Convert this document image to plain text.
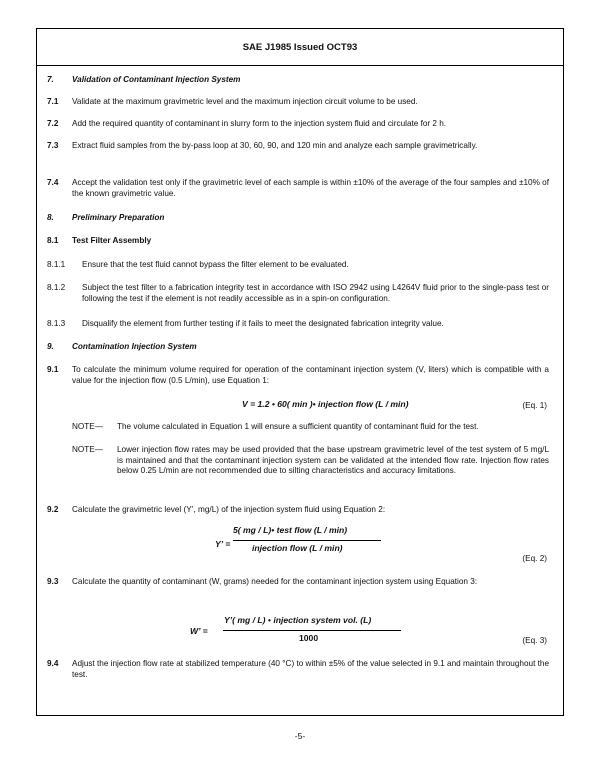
SAE J1985 Issued OCT93
7. Validation of Contaminant Injection System
7.1 Validate at the maximum gravimetric level and the maximum injection circuit volume to be used.
7.2 Add the required quantity of contaminant in slurry form to the injection system fluid and circulate for 2 h.
7.3 Extract fluid samples from the by-pass loop at 30, 60, 90, and 120 min and analyze each sample gravimetrically.
7.4 Accept the validation test only if the gravimetric level of each sample is within ±10% of the average of the four samples and ±10% of the known gravimetric value.
8. Preliminary Preparation
8.1 Test Filter Assembly
8.1.1 Ensure that the test fluid cannot bypass the filter element to be evaluated.
8.1.2 Subject the test filter to a fabrication integrity test in accordance with ISO 2942 using L4264V fluid prior to the single-pass test or following the test if the element is not readily accessible as in a spin-on configuration.
8.1.3 Disqualify the element from further testing if it fails to meet the designated fabrication integrity value.
9. Contamination Injection System
9.1 To calculate the minimum volume required for operation of the contaminant injection system (V, liters) which is compatible with a value for the injection flow (0.5 L/min), use Equation 1:
V = 1.2 • 60( min )• injection flow (L / min)	(Eq. 1)
NOTE— The volume calculated in Equation 1 will ensure a sufficient quantity of contaminant fluid for the test.
NOTE— Lower injection flow rates may be used provided that the base upstream gravimetric level of the test system of 5 mg/L is maintained and that the contaminant injection system can be validated at the intended flow rate. Injection flow rates below 0.25 L/min are not recommended due to silting characteristics and accuracy limitations.
9.2 Calculate the gravimetric level (Y’, mg/L) of the injection system fluid using Equation 2:
Y’ =
5( mg / L)• test flow (L / min)
injection flow (L / min)
(Eq. 2)
9.3 Calculate the quantity of contaminant (W, grams) needed for the contaminant injection system using Equation 3:
W’ =
Y’( mg / L) • injection system vol. (L)
1000	(Eq. 3)
9.4 Adjust the injection flow rate at stabilized temperature (40 °C) to within ±5% of the value selected in 9.1 and maintain throughout the test.
-5-
